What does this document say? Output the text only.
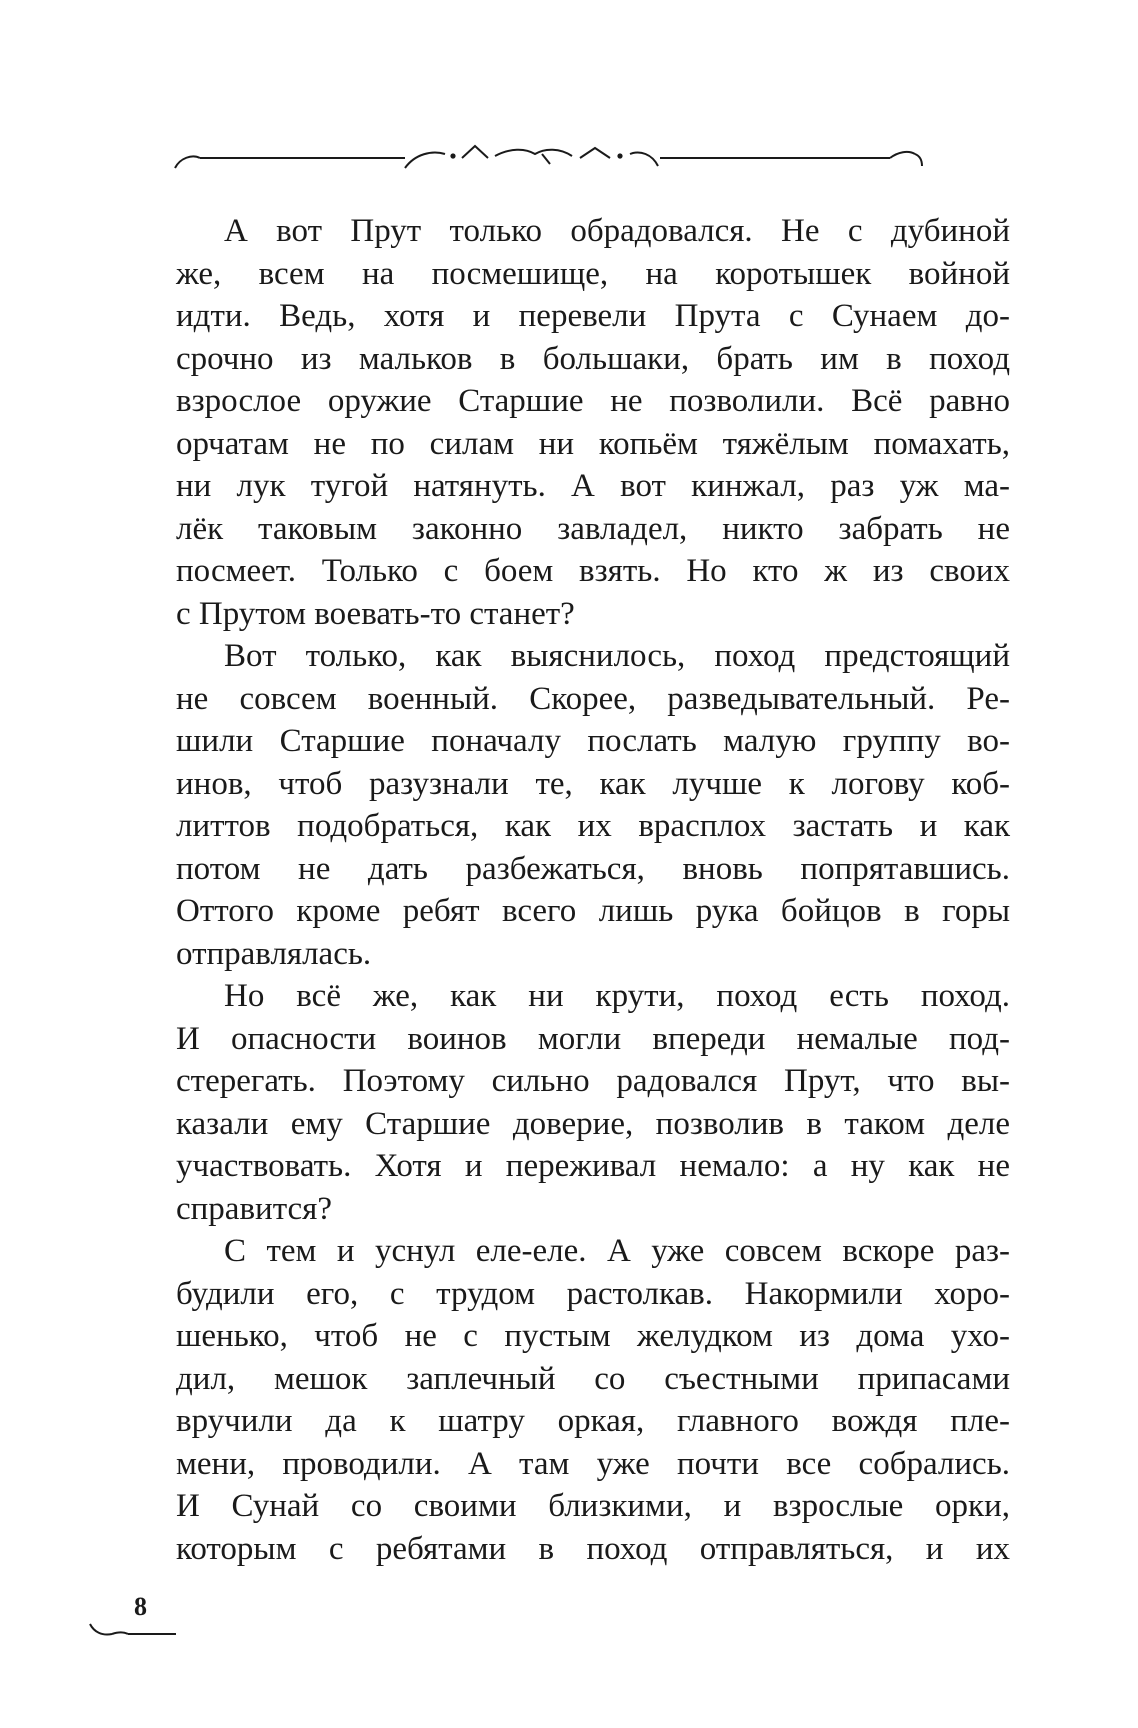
А вот Прут только обрадовался. Не с дубиной
же, всем на посмешище, на коротышек войной
идти. Ведь, хотя и перевели Прута с Сунаем до-
срочно из мальков в большаки, брать им в поход
взрослое оружие Старшие не позволили. Всё равно
орчатам не по силам ни копьём тяжёлым помахать,
ни лук тугой натянуть. А вот кинжал, раз уж ма-
лёк таковым законно завладел, никто забрать не
посмеет. Только с боем взять. Но кто ж из своих
с Прутом воевать-то станет?
Вот только, как выяснилось, поход предстоящий
не совсем военный. Скорее, разведывательный. Ре-
шили Старшие поначалу послать малую группу во-
инов, чтоб разузнали те, как лучше к логову коб-
литтов подобраться, как их врасплох застать и как
потом не дать разбежаться, вновь попрятавшись.
Оттого кроме ребят всего лишь рука бойцов в горы
отправлялась.
Но всё же, как ни крути, поход есть поход.
И опасности воинов могли впереди немалые под-
стерегать. Поэтому сильно радовался Прут, что вы-
казали ему Старшие доверие, позволив в таком деле
участвовать. Хотя и переживал немало: а ну как не
справится?
С тем и уснул еле-еле. А уже совсем вскоре раз-
будили его, с трудом растолкав. Накормили хоро-
шенько, чтоб не с пустым желудком из дома ухо-
дил, мешок заплечный со съестными припасами
вручили да к шатру оркая, главного вождя пле-
мени, проводили. А там уже почти все собрались.
И Сунай со своими близкими, и взрослые орки,
которым с ребятами в поход отправляться, и их
8
